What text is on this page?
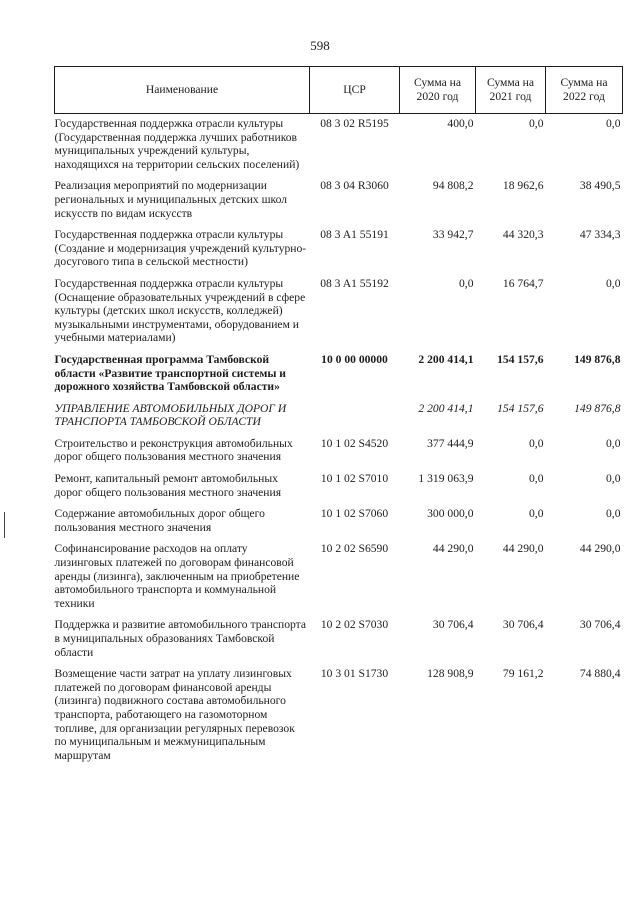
598
Наименование	ЦСР	Сумма на 2020 год	Сумма на 2021 год	Сумма на 2022 год
Государственная поддержка отрасли культуры (Государственная поддержка лучших работников муниципальных учреждений культуры, находящихся на территории сельских поселений)	08 3 02 R5195	400,0	0,0	0,0
Реализация мероприятий по модернизации региональных и муниципальных детских школ искусств по видам искусств	08 3 04 R3060	94 808,2	18 962,6	38 490,5
Государственная поддержка отрасли культуры (Создание и модернизация учреждений культурно-досугового типа в сельской местности)	08 3 A1 55191	33 942,7	44 320,3	47 334,3
Государственная поддержка отрасли культуры (Оснащение образовательных учреждений в сфере культуры (детских школ искусств, колледжей) музыкальными инструментами, оборудованием и учебными материалами)	08 3 A1 55192	0,0	16 764,7	0,0
Государственная программа Тамбовской области «Развитие транспортной системы и дорожного хозяйства Тамбовской области»	10 0 00 00000	2 200 414,1	154 157,6	149 876,8
УПРАВЛЕНИЕ АВТОМОБИЛЬНЫХ ДОРОГ И ТРАНСПОРТА ТАМБОВСКОЙ ОБЛАСТИ		2 200 414,1	154 157,6	149 876,8
Строительство и реконструкция автомобильных дорог общего пользования местного значения	10 1 02 S4520	377 444,9	0,0	0,0
Ремонт, капитальный ремонт автомобильных дорог общего пользования местного значения	10 1 02 S7010	1 319 063,9	0,0	0,0
Содержание автомобильных дорог общего пользования местного значения	10 1 02 S7060	300 000,0	0,0	0,0
Софинансирование расходов на оплату лизинговых платежей по договорам финансовой аренды (лизинга), заключенным на приобретение автомобильного транспорта и коммунальной техники	10 2 02 S6590	44 290,0	44 290,0	44 290,0
Поддержка и развитие автомобильного транспорта в муниципальных образованиях Тамбовской области	10 2 02 S7030	30 706,4	30 706,4	30 706,4
Возмещение части затрат на уплату лизинговых платежей по договорам финансовой аренды (лизинга) подвижного состава автомобильного транспорта, работающего на газомоторном топливе, для организации регулярных перевозок по муниципальным и межмуниципальным маршрутам	10 3 01 S1730	128 908,9	79 161,2	74 880,4
